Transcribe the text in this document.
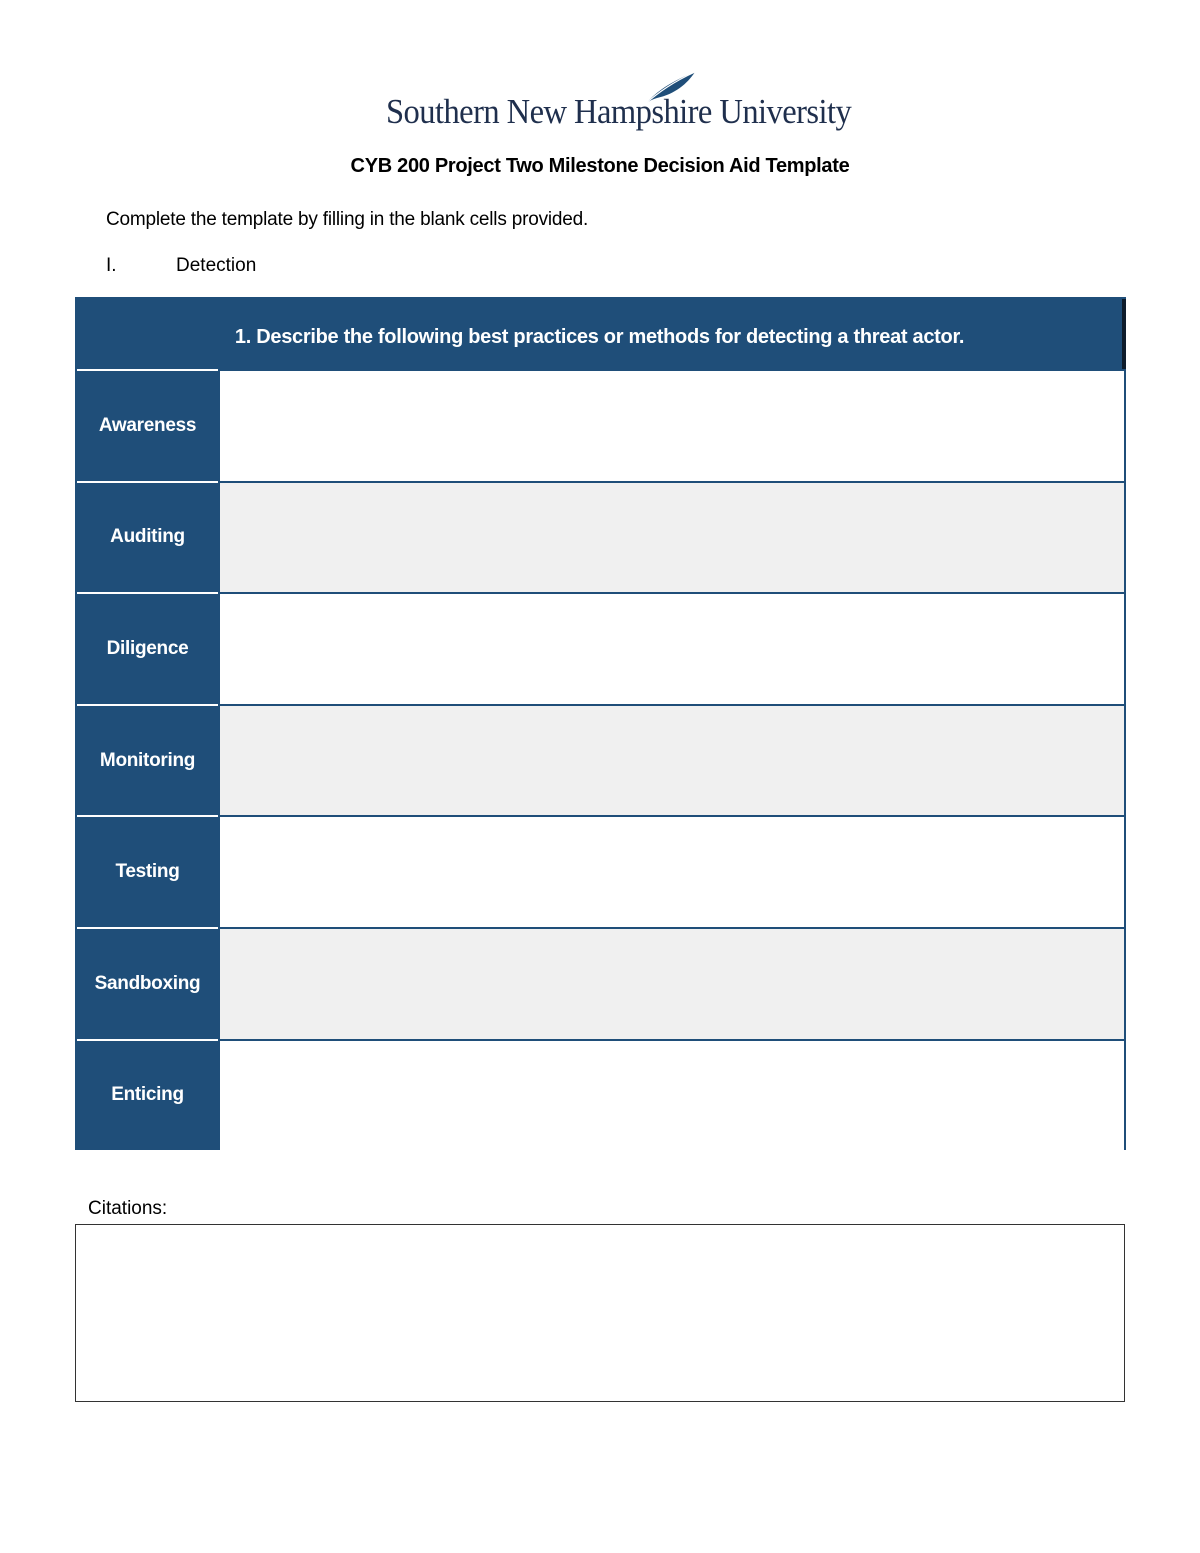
Southern New Hampshire University
CYB 200 Project Two Milestone Decision Aid Template
Complete the template by filling in the blank cells provided.
I.	Detection
1. Describe the following best practices or methods for detecting a threat actor.
Awareness
Auditing
Diligence
Monitoring
Testing
Sandboxing
Enticing
Citations:
